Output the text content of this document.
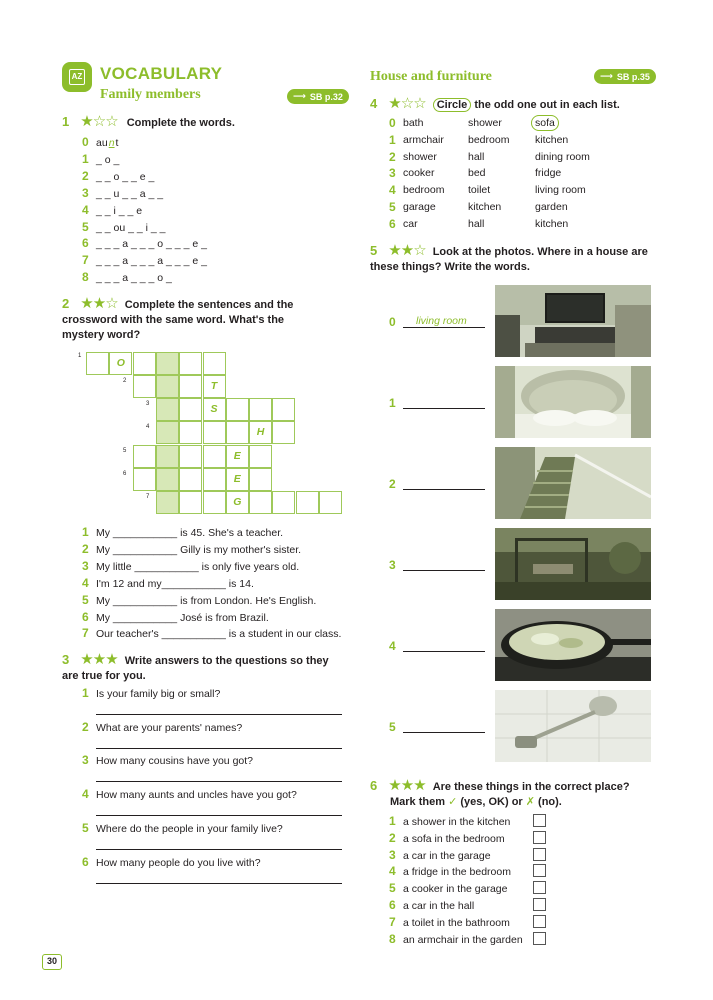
AZ VOCABULARY
Family members	⟶ SB p.32
1 ★☆☆ Complete the words.
0 aunt
1 _ o _
2 _ _ o _ _ e _
3 _ _ u _ _ a _ _
4 _ _ i _ _ e
5 _ _ ou _ _ i _ _
6 _ _ _ a _ _ _ o _ _ _ e _
7 _ _ _ a _ _ _ a _ _ _ e _
8 _ _ _ a _ _ _ o _
2 ★★☆ Complete the sentences and the crossword with the same word. What's the mystery word?
1
O
2	T
3	S
4	H
5	E
6	E
7	G
1 My ___________ is 45. She's a teacher.
2 My ___________ Gilly is my mother's sister.
3 My little ___________ is only five years old.
4 I'm 12 and my___________ is 14.
5 My ___________ is from London. He's English.
6 My ___________ José is from Brazil.
7 Our teacher's ___________ is a student in our class.
3 ★★★ Write answers to the questions so they are true for you.
1 Is your family big or small?
2 What are your parents' names?
3 How many cousins have you got?
4 How many aunts and uncles have you got?
5 Where do the people in your family live?
6 How many people do you live with?
House and furniture	⟶ SB p.35
4 ★☆☆ Circle the odd one out in each list.
0 bath	shower	sofa
1 armchair bedroom kitchen
2 shower	hall	dining room
3 cooker	bed	fridge
4 bedroom toilet	living room
5 garage	kitchen	garden
6 car	hall	kitchen
5 ★★☆ Look at the photos. Where in a house are these things? Write the words.
0	living room
1
2
3
4
5
6 ★★★ Are these things in the correct place?
Mark them ✓ (yes, OK) or ✗ (no).
1 a shower in the kitchen
2 a sofa in the bedroom
3 a car in the garage
4 a fridge in the bedroom
5 a cooker in the garage
6 a car in the hall
7 a toilet in the bathroom
8 an armchair in the garden
30
